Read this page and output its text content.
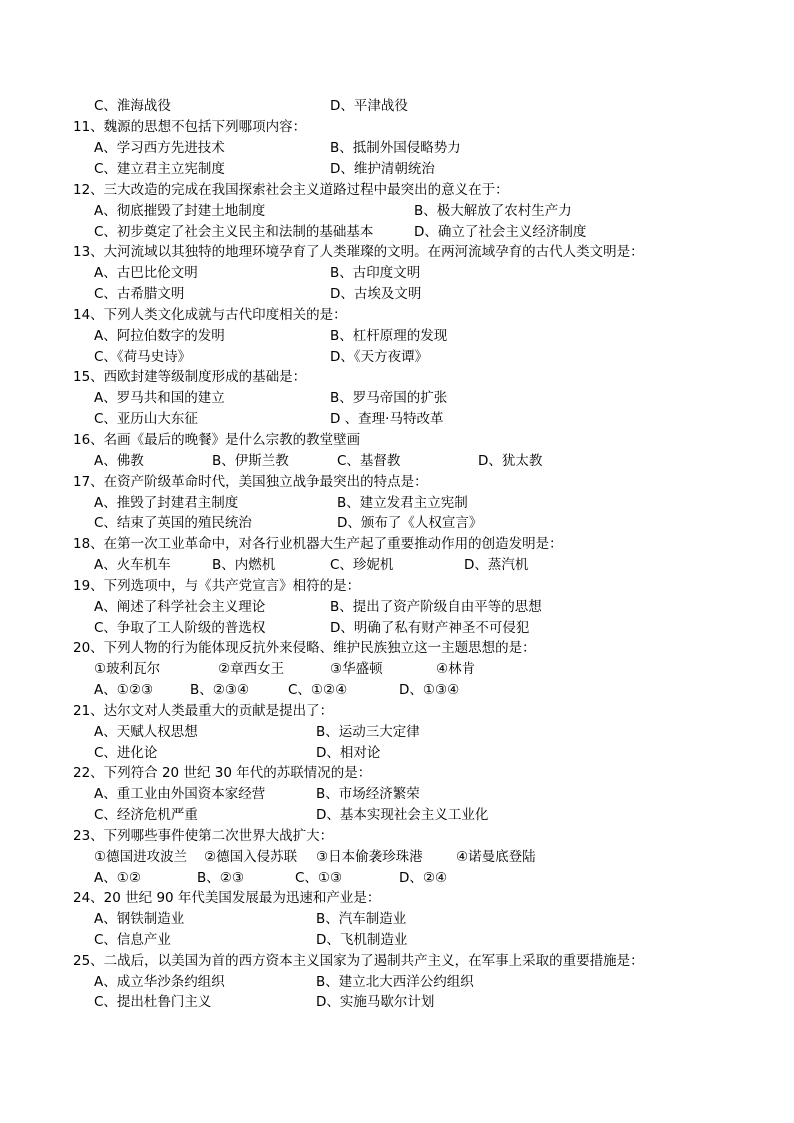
C、淮海战役	D、平津战役
11、魏源的思想不包括下列哪项内容：
A、学习西方先进技术	B、抵制外国侵略势力
C、建立君主立宪制度	D、维护清朝统治
12、三大改造的完成在我国探索社会主义道路过程中最突出的意义在于：
A、彻底摧毁了封建土地制度	B、极大解放了农村生产力
C、初步奠定了社会主义民主和法制的基础基本	D、确立了社会主义经济制度
13、大河流域以其独特的地理环境孕育了人类璀璨的文明。在两河流域孕育的古代人类文明是：
A、古巴比伦文明	B、古印度文明
C、古希腊文明	D、古埃及文明
14、下列人类文化成就与古代印度相关的是：
A、阿拉伯数字的发明	B、杠杆原理的发现
C、《荷马史诗》	D、《天方夜谭》
15、西欧封建等级制度形成的基础是：
A、罗马共和国的建立	B、罗马帝国的扩张
C、亚历山大东征	D 、查理·马特改革
16、名画《最后的晚餐》是什么宗教的教堂壁画
A、佛教	B、伊斯兰教	C、基督教	D、犹太教
17、在资产阶级革命时代，美国独立战争最突出的特点是：
A、推毁了封建君主制度	B、建立发君主立宪制
C、结束了英国的殖民统治	D、颁布了《人权宣言》
18、在第一次工业革命中，对各行业机器大生产起了重要推动作用的创造发明是：
A、火车机车	B、内燃机	C、珍妮机	D、蒸汽机
19、下列选项中，与《共产党宣言》相符的是：
A、阐述了科学社会主义理论	B、提出了资产阶级自由平等的思想
C、争取了工人阶级的普选权	D、明确了私有财产神圣不可侵犯
20、下列人物的行为能体现反抗外来侵略、维护民族独立这一主题思想的是：
①玻利瓦尔	②章西女王	③华盛顿	④林肯
A、①②③	B、②③④	C、①②④	D、①③④
21、达尔文对人类最重大的贡献是提出了：
A、天赋人权思想	B、运动三大定律
C、进化论	D、相对论
22、下列符合 20 世纪 30 年代的苏联情况的是：
A、重工业由外国资本家经营	B、市场经济繁荣
C、经济危机严重	D、基本实现社会主义工业化
23、下列哪些事件使第二次世界大战扩大：
①德国进攻波兰 ②德国入侵苏联 ③日本偷袭珍珠港 ④诺曼底登陆
A、①②	B、②③	C、①③	D、②④
24、20 世纪 90 年代美国发展最为迅速和产业是：
A、钢铁制造业	B、汽车制造业
C、信息产业	D、飞机制造业
25、二战后，以美国为首的西方资本主义国家为了遏制共产主义，在军事上采取的重要措施是：
A、成立华沙条约组织	B、建立北大西洋公约组织
C、提出杜鲁门主义	D、实施马歇尔计划
